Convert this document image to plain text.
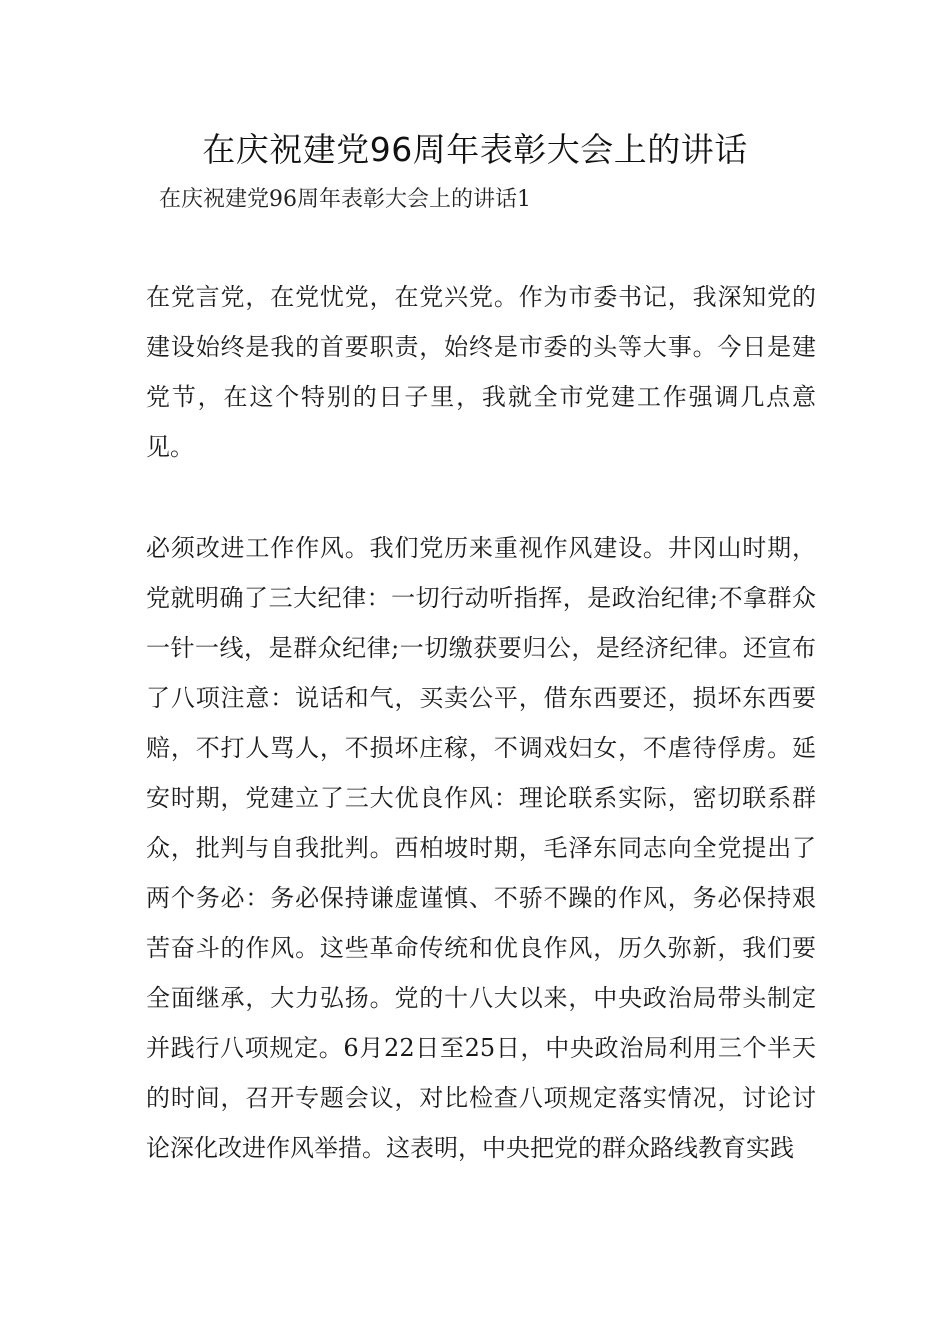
在庆祝建党96周年表彰大会上的讲话

在庆祝建党96周年表彰大会上的讲话1

在党言党，在党忧党，在党兴党。作为市委书记，我深知党的建设始终是我的首要职责，始终是市委的头等大事。今日是建党节，在这个特别的日子里，我就全市党建工作强调几点意见。

必须改进工作作风。我们党历来重视作风建设。井冈山时期，党就明确了三大纪律：一切行动听指挥，是政治纪律;不拿群众一针一线，是群众纪律;一切缴获要归公，是经济纪律。还宣布了八项注意：说话和气，买卖公平，借东西要还，损坏东西要赔，不打人骂人，不损坏庄稼，不调戏妇女，不虐待俘虏。延安时期，党建立了三大优良作风：理论联系实际，密切联系群众，批判与自我批判。西柏坡时期，毛泽东同志向全党提出了两个务必：务必保持谦虚谨慎、不骄不躁的作风，务必保持艰苦奋斗的作风。这些革命传统和优良作风，历久弥新，我们要全面继承，大力弘扬。党的十八大以来，中央政治局带头制定并践行八项规定。6月22日至25日，中央政治局利用三个半天的时间，召开专题会议，对比检查八项规定落实情况，讨论讨论深化改进作风举措。这表明，中央把党的群众路线教育实践
